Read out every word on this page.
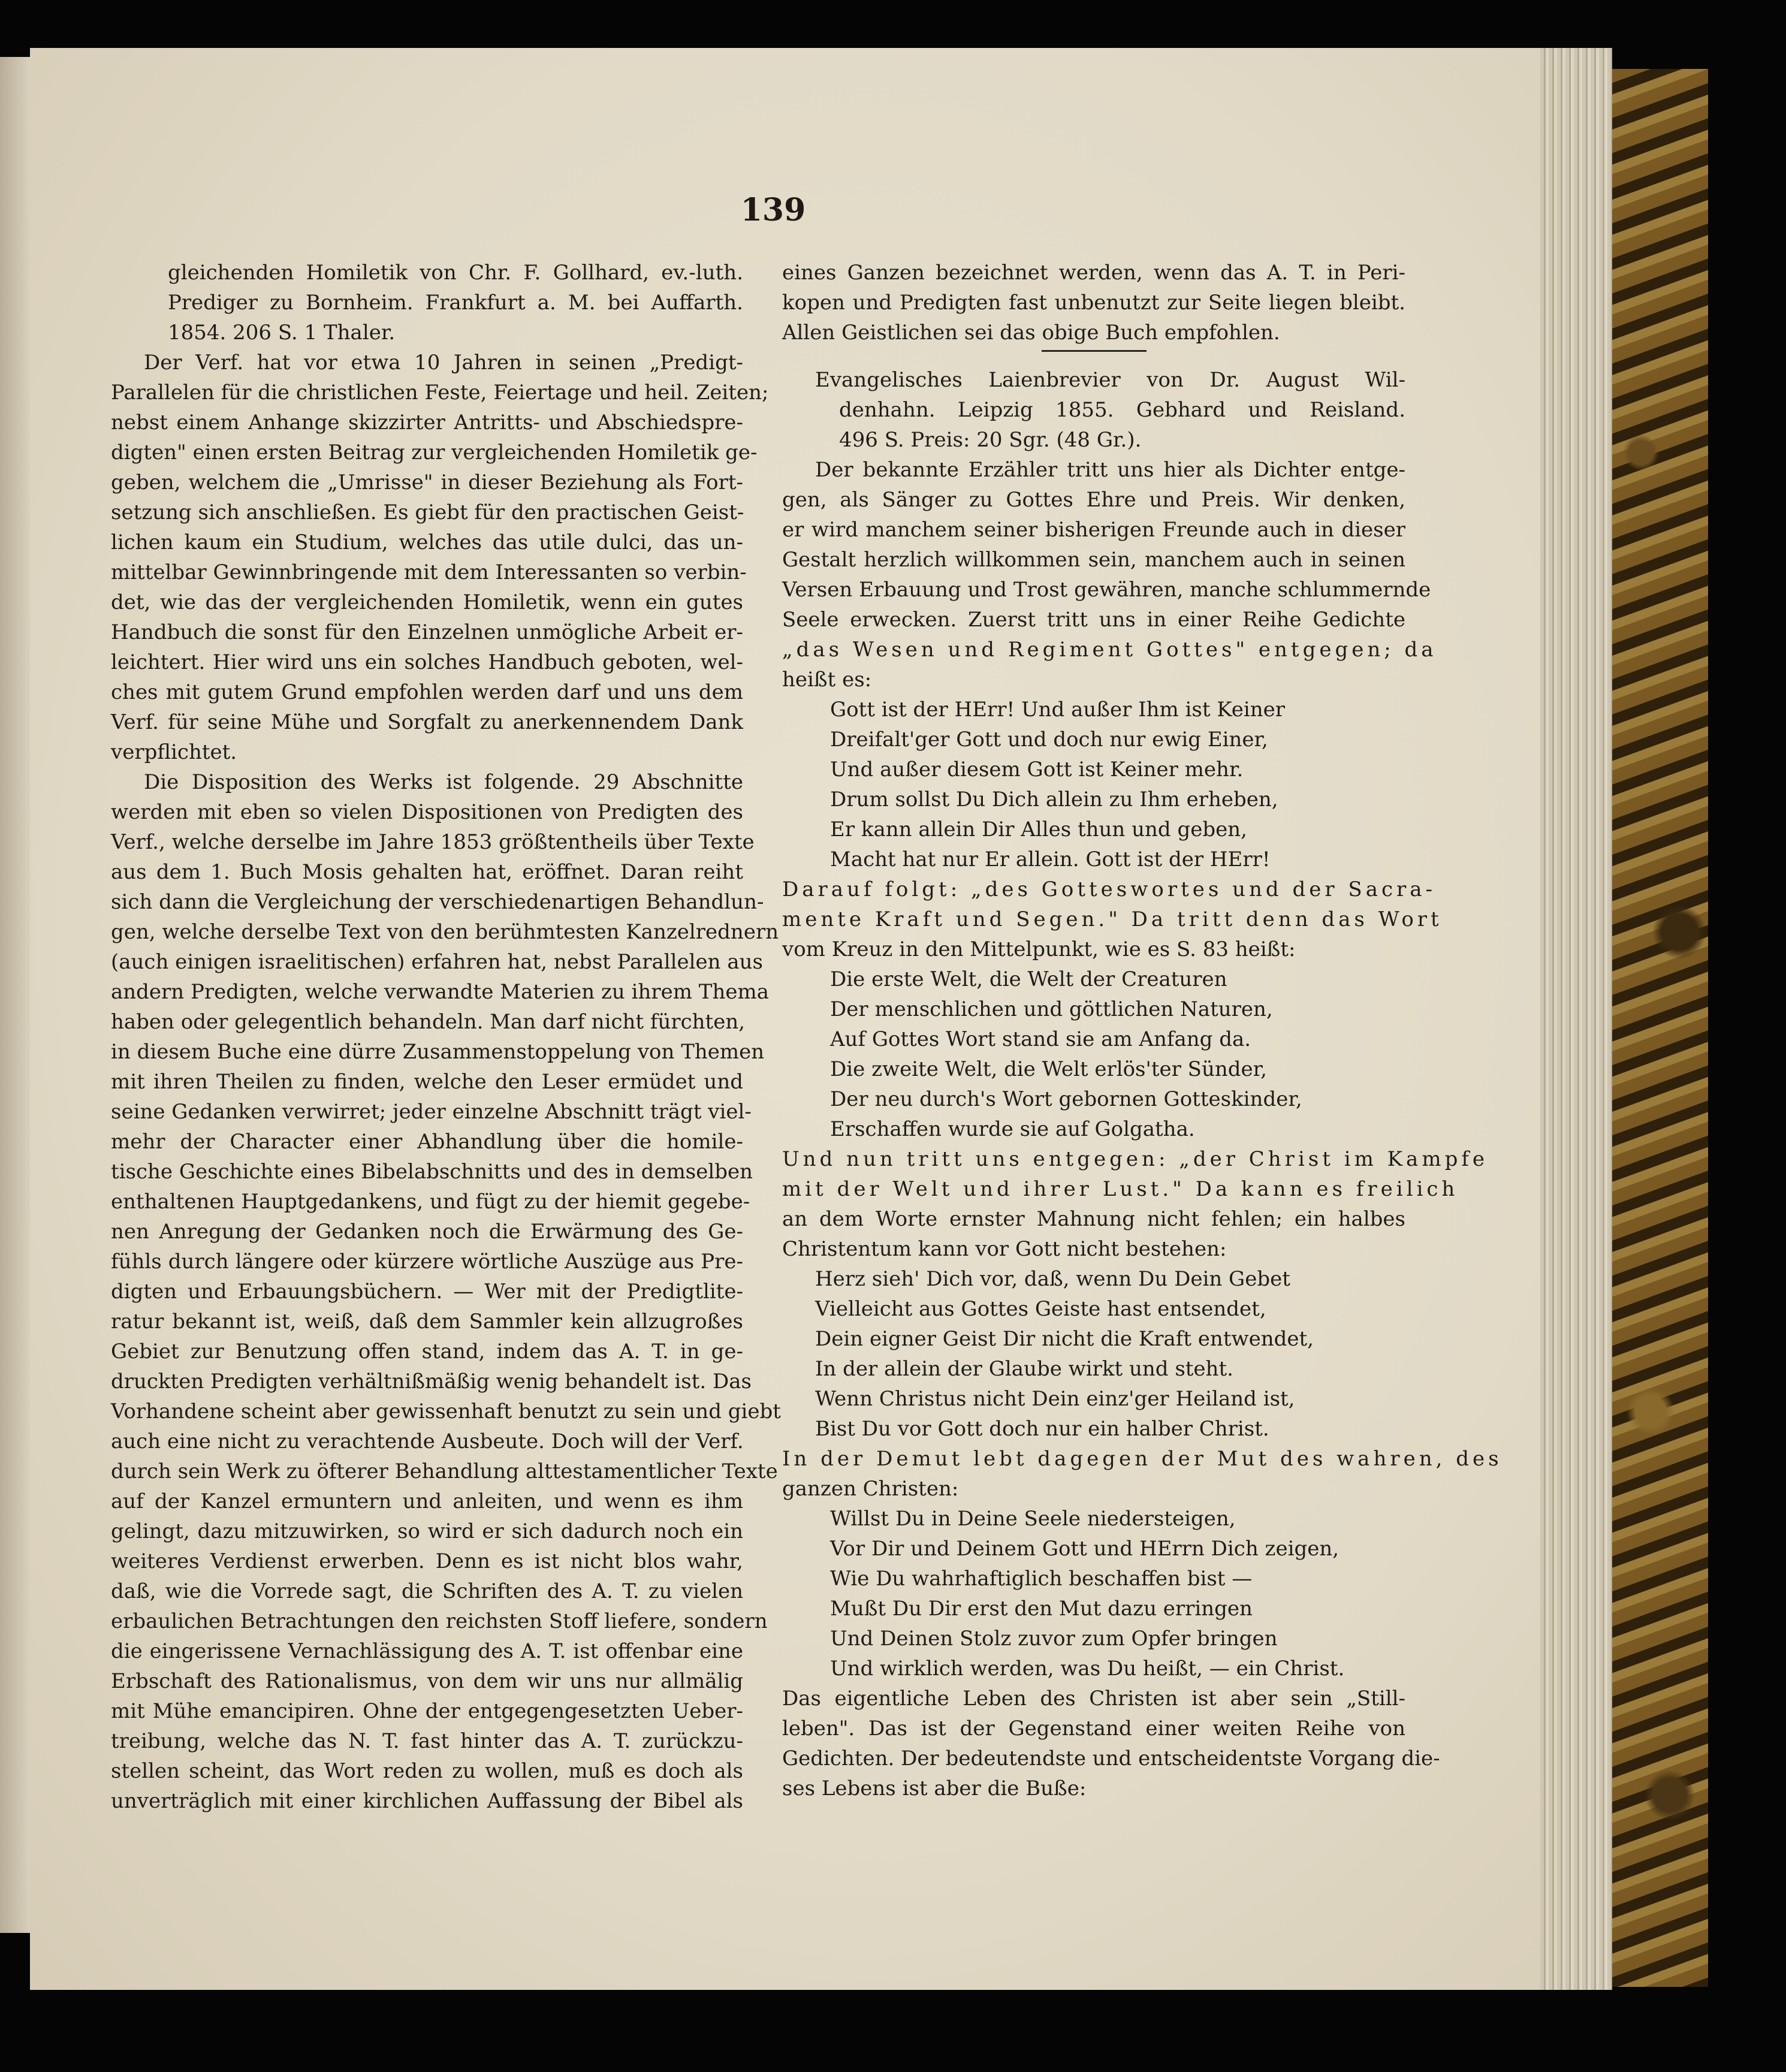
139
gleichenden Homiletik von Chr. F. Gollhard, ev.-luth.
Prediger zu Bornheim. Frankfurt a. M. bei Auffarth.
1854. 206 S. 1 Thaler.
Der Verf. hat vor etwa 10 Jahren in seinen „Predigt-
Parallelen für die christlichen Feste, Feiertage und heil. Zeiten;
nebst einem Anhange skizzirter Antritts- und Abschiedspre-
digten" einen ersten Beitrag zur vergleichenden Homiletik ge-
geben, welchem die „Umrisse" in dieser Beziehung als Fort-
setzung sich anschließen. Es giebt für den practischen Geist-
lichen kaum ein Studium, welches das utile dulci, das un-
mittelbar Gewinnbringende mit dem Interessanten so verbin-
det, wie das der vergleichenden Homiletik, wenn ein gutes
Handbuch die sonst für den Einzelnen unmögliche Arbeit er-
leichtert. Hier wird uns ein solches Handbuch geboten, wel-
ches mit gutem Grund empfohlen werden darf und uns dem
Verf. für seine Mühe und Sorgfalt zu anerkennendem Dank
verpflichtet.
Die Disposition des Werks ist folgende. 29 Abschnitte
werden mit eben so vielen Dispositionen von Predigten des
Verf., welche derselbe im Jahre 1853 größtentheils über Texte
aus dem 1. Buch Mosis gehalten hat, eröffnet. Daran reiht
sich dann die Vergleichung der verschiedenartigen Behandlun-
gen, welche derselbe Text von den berühmtesten Kanzelrednern
(auch einigen israelitischen) erfahren hat, nebst Parallelen aus
andern Predigten, welche verwandte Materien zu ihrem Thema
haben oder gelegentlich behandeln. Man darf nicht fürchten,
in diesem Buche eine dürre Zusammenstoppelung von Themen
mit ihren Theilen zu finden, welche den Leser ermüdet und
seine Gedanken verwirret; jeder einzelne Abschnitt trägt viel-
mehr der Character einer Abhandlung über die homile-
tische Geschichte eines Bibelabschnitts und des in demselben
enthaltenen Hauptgedankens, und fügt zu der hiemit gegebe-
nen Anregung der Gedanken noch die Erwärmung des Ge-
fühls durch längere oder kürzere wörtliche Auszüge aus Pre-
digten und Erbauungsbüchern. — Wer mit der Predigtlite-
ratur bekannt ist, weiß, daß dem Sammler kein allzugroßes
Gebiet zur Benutzung offen stand, indem das A. T. in ge-
druckten Predigten verhältnißmäßig wenig behandelt ist. Das
Vorhandene scheint aber gewissenhaft benutzt zu sein und giebt
auch eine nicht zu verachtende Ausbeute. Doch will der Verf.
durch sein Werk zu öfterer Behandlung alttestamentlicher Texte
auf der Kanzel ermuntern und anleiten, und wenn es ihm
gelingt, dazu mitzuwirken, so wird er sich dadurch noch ein
weiteres Verdienst erwerben. Denn es ist nicht blos wahr,
daß, wie die Vorrede sagt, die Schriften des A. T. zu vielen
erbaulichen Betrachtungen den reichsten Stoff liefere, sondern
die eingerissene Vernachlässigung des A. T. ist offenbar eine
Erbschaft des Rationalismus, von dem wir uns nur allmälig
mit Mühe emancipiren. Ohne der entgegengesetzten Ueber-
treibung, welche das N. T. fast hinter das A. T. zurückzu-
stellen scheint, das Wort reden zu wollen, muß es doch als
unverträglich mit einer kirchlichen Auffassung der Bibel als
eines Ganzen bezeichnet werden, wenn das A. T. in Peri-
kopen und Predigten fast unbenutzt zur Seite liegen bleibt.
Allen Geistlichen sei das obige Buch empfohlen.
Evangelisches Laienbrevier von Dr. August Wil-
denhahn. Leipzig 1855. Gebhard und Reisland.
496 S. Preis: 20 Sgr. (48 Gr.).
Der bekannte Erzähler tritt uns hier als Dichter entge-
gen, als Sänger zu Gottes Ehre und Preis. Wir denken,
er wird manchem seiner bisherigen Freunde auch in dieser
Gestalt herzlich willkommen sein, manchem auch in seinen
Versen Erbauung und Trost gewähren, manche schlummernde
Seele erwecken. Zuerst tritt uns in einer Reihe Gedichte
„das Wesen und Regiment Gottes" entgegen; da
heißt es:
Gott ist der HErr! Und außer Ihm ist Keiner
Dreifalt'ger Gott und doch nur ewig Einer,
Und außer diesem Gott ist Keiner mehr.
Drum sollst Du Dich allein zu Ihm erheben,
Er kann allein Dir Alles thun und geben,
Macht hat nur Er allein. Gott ist der HErr!
Darauf folgt: „des Gotteswortes und der Sacra-
mente Kraft und Segen." Da tritt denn das Wort
vom Kreuz in den Mittelpunkt, wie es S. 83 heißt:
Die erste Welt, die Welt der Creaturen
Der menschlichen und göttlichen Naturen,
Auf Gottes Wort stand sie am Anfang da.
Die zweite Welt, die Welt erlös'ter Sünder,
Der neu durch's Wort gebornen Gotteskinder,
Erschaffen wurde sie auf Golgatha.
Und nun tritt uns entgegen: „der Christ im Kampfe
mit der Welt und ihrer Lust." Da kann es freilich
an dem Worte ernster Mahnung nicht fehlen; ein halbes
Christentum kann vor Gott nicht bestehen:
Herz sieh' Dich vor, daß, wenn Du Dein Gebet
Vielleicht aus Gottes Geiste hast entsendet,
Dein eigner Geist Dir nicht die Kraft entwendet,
In der allein der Glaube wirkt und steht.
Wenn Christus nicht Dein einz'ger Heiland ist,
Bist Du vor Gott doch nur ein halber Christ.
In der Demut lebt dagegen der Mut des wahren, des
ganzen Christen:
Willst Du in Deine Seele niedersteigen,
Vor Dir und Deinem Gott und HErrn Dich zeigen,
Wie Du wahrhaftiglich beschaffen bist —
Mußt Du Dir erst den Mut dazu erringen
Und Deinen Stolz zuvor zum Opfer bringen
Und wirklich werden, was Du heißt, — ein Christ.
Das eigentliche Leben des Christen ist aber sein „Still-
leben". Das ist der Gegenstand einer weiten Reihe von
Gedichten. Der bedeutendste und entscheidentste Vorgang die-
ses Lebens ist aber die Buße:
